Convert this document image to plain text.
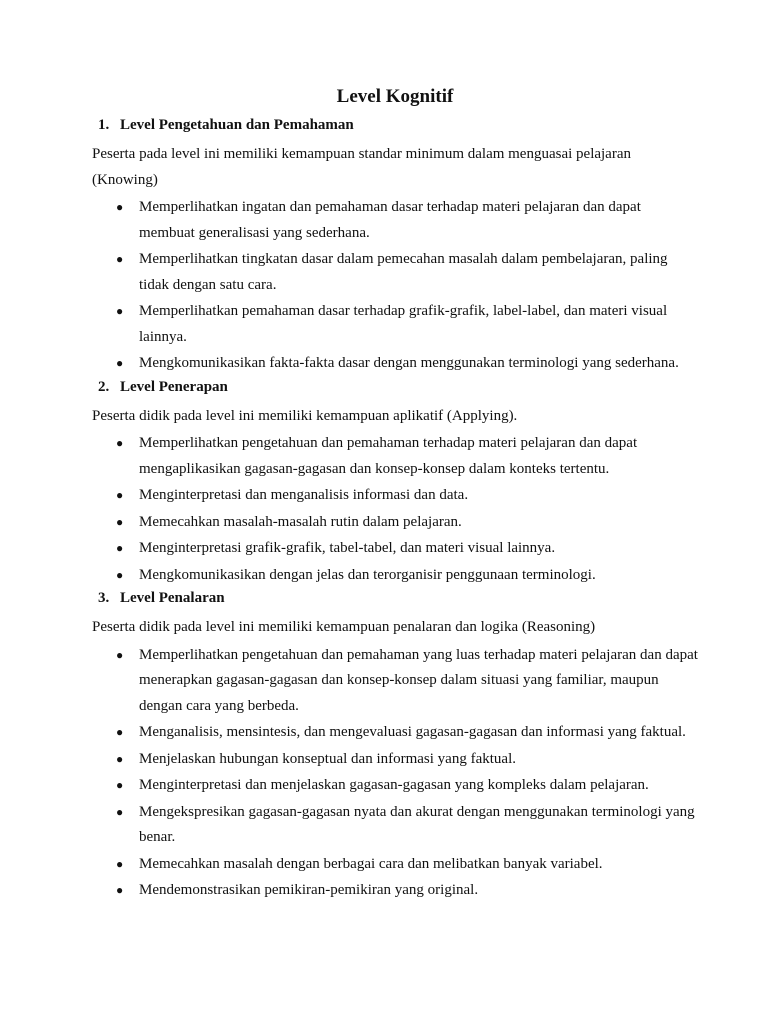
Level Kognitif
1. Level Pengetahuan dan Pemahaman

Peserta pada level ini memiliki kemampuan standar minimum dalam menguasai pelajaran (Knowing)

● Memperlihatkan ingatan dan pemahaman dasar terhadap materi pelajaran dan dapat membuat generalisasi yang sederhana.
● Memperlihatkan tingkatan dasar dalam pemecahan masalah dalam pembelajaran, paling tidak dengan satu cara.
● Memperlihatkan pemahaman dasar terhadap grafik-grafik, label-label, dan materi visual lainnya.
● Mengkomunikasikan fakta-fakta dasar dengan menggunakan terminologi yang sederhana.
2. Level Penerapan

Peserta didik pada level ini memiliki kemampuan aplikatif (Applying).

● Memperlihatkan pengetahuan dan pemahaman terhadap materi pelajaran dan dapat mengaplikasikan gagasan-gagasan dan konsep-konsep dalam konteks tertentu.
● Menginterpretasi dan menganalisis informasi dan data.
● Memecahkan masalah-masalah rutin dalam pelajaran.
● Menginterpretasi grafik-grafik, tabel-tabel, dan materi visual lainnya.
● Mengkomunikasikan dengan jelas dan terorganisir penggunaan terminologi.
3. Level Penalaran

Peserta didik pada level ini memiliki kemampuan penalaran dan logika (Reasoning)

● Memperlihatkan pengetahuan dan pemahaman yang luas terhadap materi pelajaran dan dapat menerapkan gagasan-gagasan dan konsep-konsep dalam situasi yang familiar, maupun dengan cara yang berbeda.
● Menganalisis, mensintesis, dan mengevaluasi gagasan-gagasan dan informasi yang faktual.
● Menjelaskan hubungan konseptual dan informasi yang faktual.
● Menginterpretasi dan menjelaskan gagasan-gagasan yang kompleks dalam pelajaran.
● Mengekspresikan gagasan-gagasan nyata dan akurat dengan menggunakan terminologi yang benar.
● Memecahkan masalah dengan berbagai cara dan melibatkan banyak variabel.
● Mendemonstrasikan pemikiran-pemikiran yang original.
